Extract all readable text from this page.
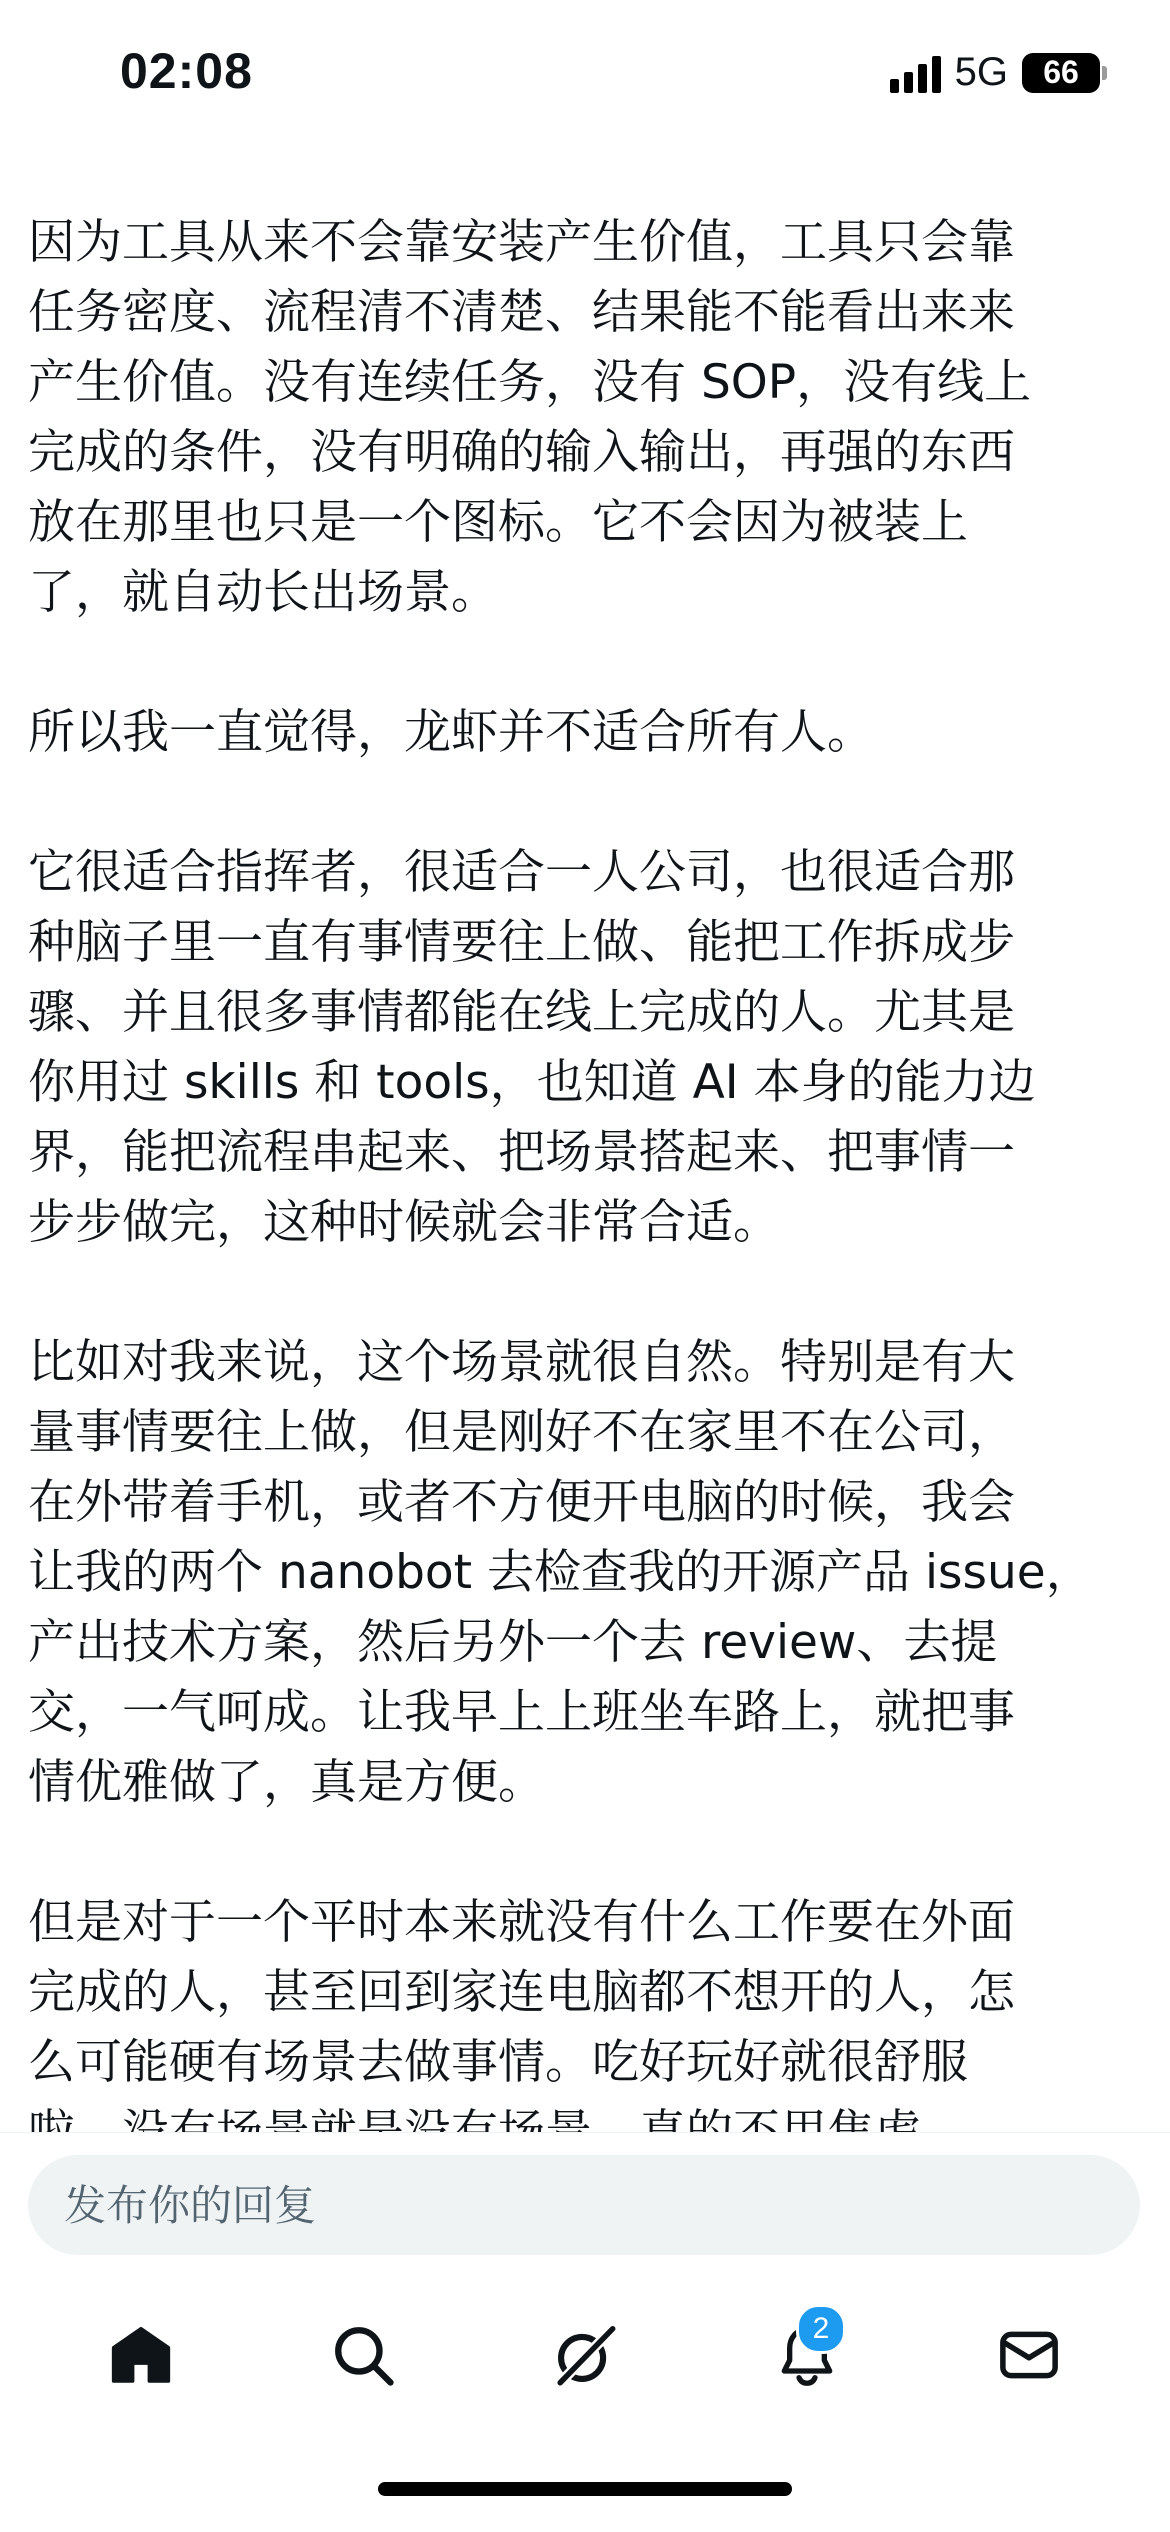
02:08	5G 66

因为工具从来不会靠安装产生价值，工具只会靠
任务密度、流程清不清楚、结果能不能看出来来
产生价值。没有连续任务，没有 SOP，没有线上
完成的条件，没有明确的输入输出，再强的东西
放在那里也只是一个图标。它不会因为被装上
了，就自动长出场景。

所以我一直觉得，龙虾并不适合所有人。

它很适合指挥者，很适合一人公司，也很适合那
种脑子里一直有事情要往上做、能把工作拆成步
骤、并且很多事情都能在线上完成的人。尤其是
你用过 skills 和 tools，也知道 AI 本身的能力边
界，能把流程串起来、把场景搭起来、把事情一
步步做完，这种时候就会非常合适。

比如对我来说，这个场景就很自然。特别是有大
量事情要往上做，但是刚好不在家里不在公司，
在外带着手机，或者不方便开电脑的时候，我会
让我的两个 nanobot 去检查我的开源产品 issue，
产出技术方案，然后另外一个去 review、去提
交，一气呵成。让我早上上班坐车路上，就把事
情优雅做了，真是方便。

但是对于一个平时本来就没有什么工作要在外面
完成的人，甚至回到家连电脑都不想开的人，怎
么可能硬有场景去做事情。吃好玩好就很舒服

发布你的回复
2
